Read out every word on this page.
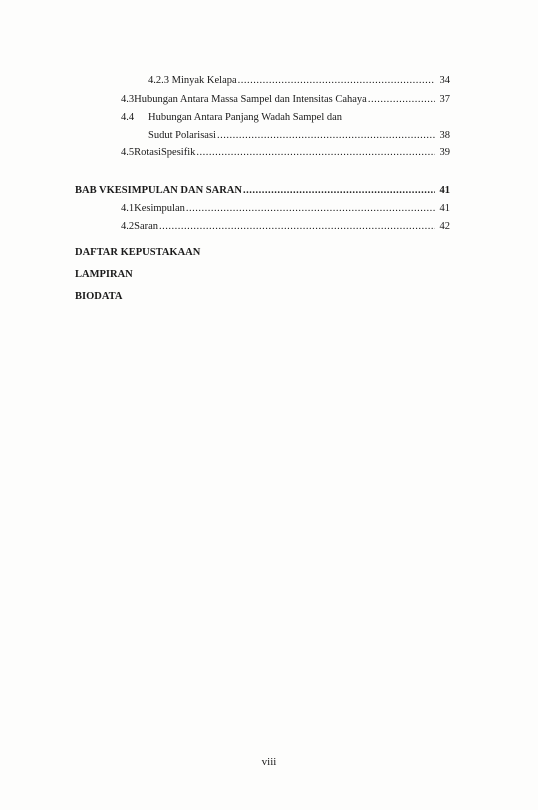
4.2.3 Minyak Kelapa .....	34
4.3 Hubungan Antara Massa Sampel dan Intensitas Cahaya .....	37
4.4	Hubungan Antara Panjang Wadah Sampel dan
Sudut Polarisasi .....	38
4.5 RotasiSpesifik .....	39
BAB V KESIMPULAN DAN SARAN .....	41
4.1 Kesimpulan .....	41
4.2 Saran .....	42
DAFTAR KEPUSTAKAAN
LAMPIRAN
BIODATA
viii
